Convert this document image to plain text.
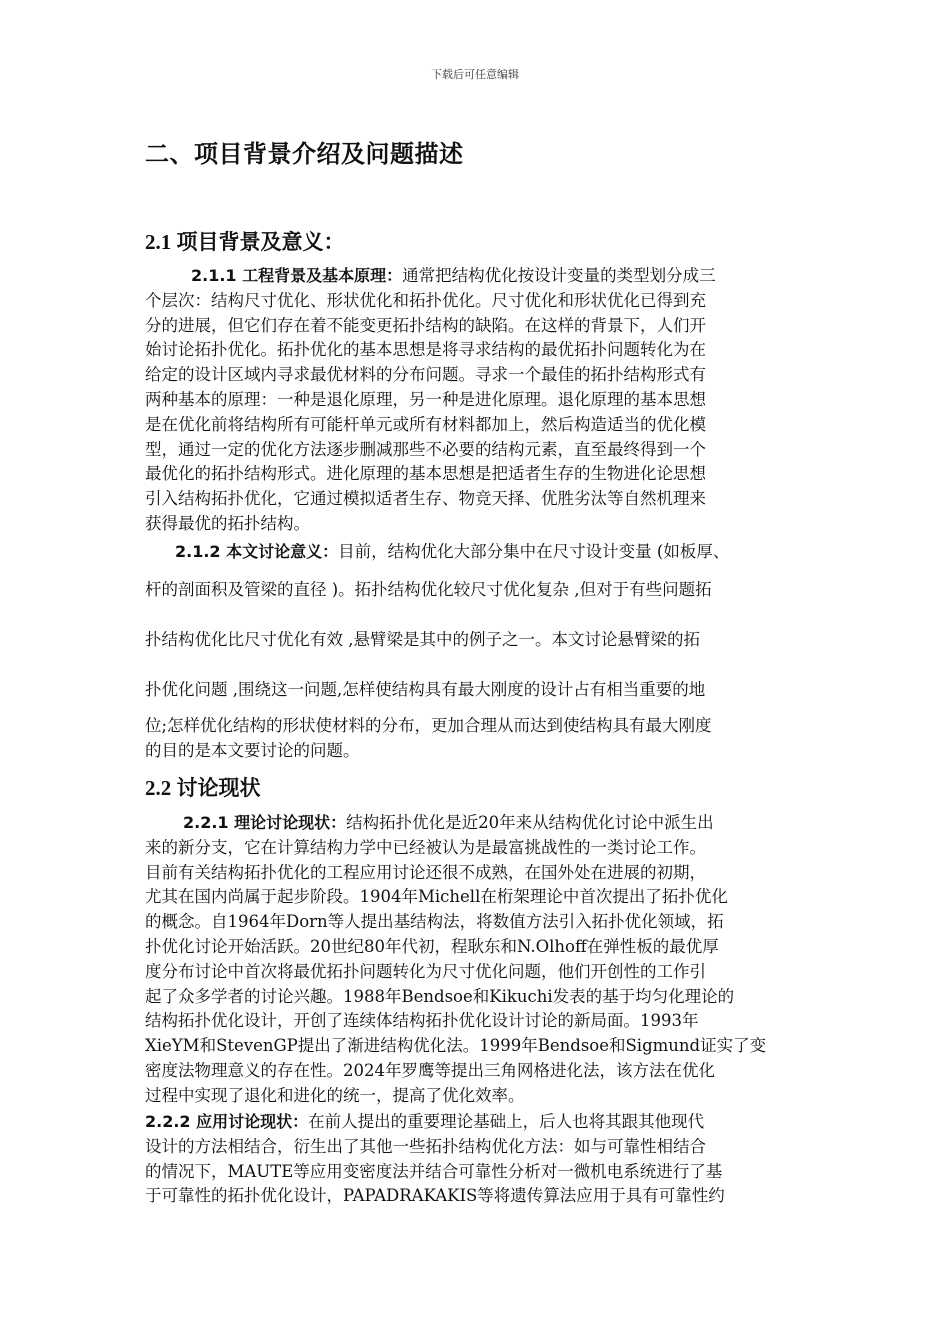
下载后可任意编辑
二、项目背景介绍及问题描述
2.1 项目背景及意义：
2.1.1 工程背景及基本原理：通常把结构优化按设计变量的类型划分成三
个层次：结构尺寸优化、形状优化和拓扑优化。尺寸优化和形状优化已得到充
分的进展，但它们存在着不能变更拓扑结构的缺陷。在这样的背景下，人们开
始讨论拓扑优化。拓扑优化的基本思想是将寻求结构的最优拓扑问题转化为在
给定的设计区域内寻求最优材料的分布问题。寻求一个最佳的拓扑结构形式有
两种基本的原理：一种是退化原理，另一种是进化原理。退化原理的基本思想
是在优化前将结构所有可能杆单元或所有材料都加上，然后构造适当的优化模
型，通过一定的优化方法逐步删减那些不必要的结构元素，直至最终得到一个
最优化的拓扑结构形式。进化原理的基本思想是把适者生存的生物进化论思想
引入结构拓扑优化，它通过模拟适者生存、物竞天择、优胜劣汰等自然机理来
获得最优的拓扑结构。
2.1.2 本文讨论意义：目前，结构优化大部分集中在尺寸设计变量 (如板厚、
杆的剖面积及管梁的直径 )。拓扑结构优化较尺寸优化复杂 ,但对于有些问题拓
扑结构优化比尺寸优化有效 ,悬臂梁是其中的例子之一。本文讨论悬臂梁的拓
扑优化问题 ,围绕这一问题,怎样使结构具有最大刚度的设计占有相当重要的地
位;怎样优化结构的形状使材料的分布，更加合理从而达到使结构具有最大刚度
的目的是本文要讨论的问题。
2.2 讨论现状
2.2.1 理论讨论现状：结构拓扑优化是近20年来从结构优化讨论中派生出
来的新分支，它在计算结构力学中已经被认为是最富挑战性的一类讨论工作。
目前有关结构拓扑优化的工程应用讨论还很不成熟，在国外处在进展的初期，
尤其在国内尚属于起步阶段。1904年Michell在桁架理论中首次提出了拓扑优化
的概念。自1964年Dorn等人提出基结构法，将数值方法引入拓扑优化领域，拓
扑优化讨论开始活跃。20世纪80年代初，程耿东和N.Olhoff在弹性板的最优厚
度分布讨论中首次将最优拓扑问题转化为尺寸优化问题，他们开创性的工作引
起了众多学者的讨论兴趣。1988年Bendsoe和Kikuchi发表的基于均匀化理论的
结构拓扑优化设计，开创了连续体结构拓扑优化设计讨论的新局面。1993年
XieYM和StevenGP提出了渐进结构优化法。1999年Bendsoe和Sigmund证实了变
密度法物理意义的存在性。2024年罗鹰等提出三角网格进化法，该方法在优化
过程中实现了退化和进化的统一，提高了优化效率。
2.2.2 应用讨论现状：在前人提出的重要理论基础上，后人也将其跟其他现代
设计的方法相结合，衍生出了其他一些拓扑结构优化方法：如与可靠性相结合
的情况下，MAUTE等应用变密度法并结合可靠性分析对一微机电系统进行了基
于可靠性的拓扑优化设计，PAPADRAKAKIS等将遗传算法应用于具有可靠性约
